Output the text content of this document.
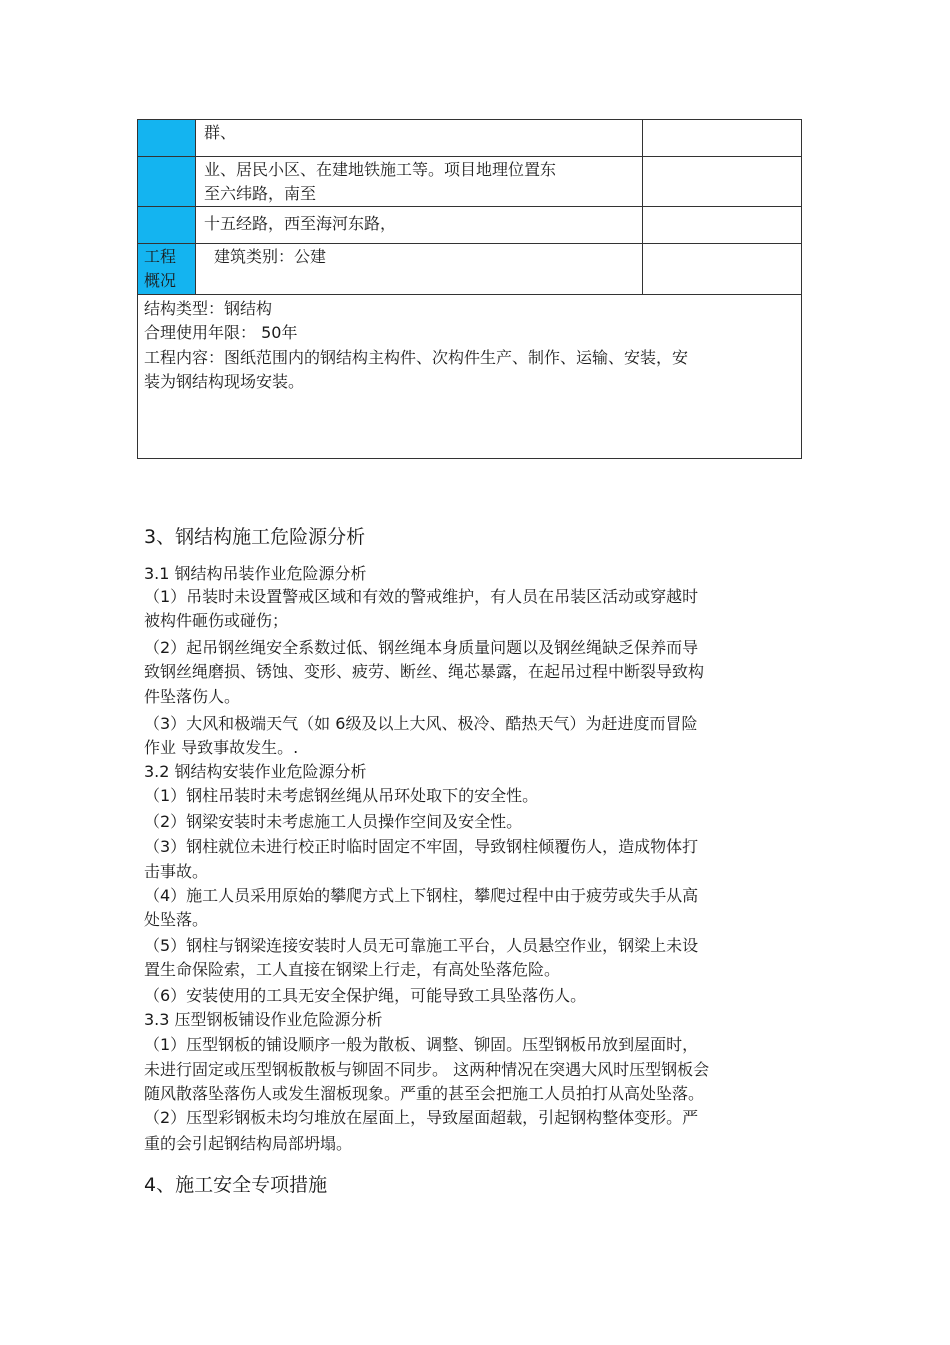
群、
业、居民小区、在建地铁施工等。项目地理位置东
至六纬路，南至
十五经路，西至海河东路，
工程
概况
建筑类别：公建
结构类型：钢结构
合理使用年限： 50年
工程内容：图纸范围内的钢结构主构件、次构件生产、制作、运输、安装，安
装为钢结构现场安装。
3、钢结构施工危险源分析
3.1 钢结构吊装作业危险源分析
（1）吊装时未设置警戒区域和有效的警戒维护，有人员在吊装区活动或穿越时
被构件砸伤或碰伤；
（2）起吊钢丝绳安全系数过低、钢丝绳本身质量问题以及钢丝绳缺乏保养而导
致钢丝绳磨损、锈蚀、变形、疲劳、断丝、绳芯暴露，在起吊过程中断裂导致构
件坠落伤人。
（3）大风和极端天气（如 6级及以上大风、极冷、酷热天气）为赶进度而冒险
作业 导致事故发生。.
3.2 钢结构安装作业危险源分析
（1）钢柱吊装时未考虑钢丝绳从吊环处取下的安全性。
（2）钢梁安装时未考虑施工人员操作空间及安全性。
（3）钢柱就位未进行校正时临时固定不牢固，导致钢柱倾覆伤人，造成物体打
击事故。
（4）施工人员采用原始的攀爬方式上下钢柱，攀爬过程中由于疲劳或失手从高
处坠落。
（5）钢柱与钢梁连接安装时人员无可靠施工平台，人员悬空作业，钢梁上未设
置生命保险索，工人直接在钢梁上行走，有高处坠落危险。
（6）安装使用的工具无安全保护绳，可能导致工具坠落伤人。
3.3 压型钢板铺设作业危险源分析
（1）压型钢板的铺设顺序一般为散板、调整、铆固。压型钢板吊放到屋面时，
未进行固定或压型钢板散板与铆固不同步。 这两种情况在突遇大风时压型钢板会
随风散落坠落伤人或发生溜板现象。严重的甚至会把施工人员拍打从高处坠落。
（2）压型彩钢板未均匀堆放在屋面上，导致屋面超载，引起钢构整体变形。严
重的会引起钢结构局部坍塌。
4、施工安全专项措施
